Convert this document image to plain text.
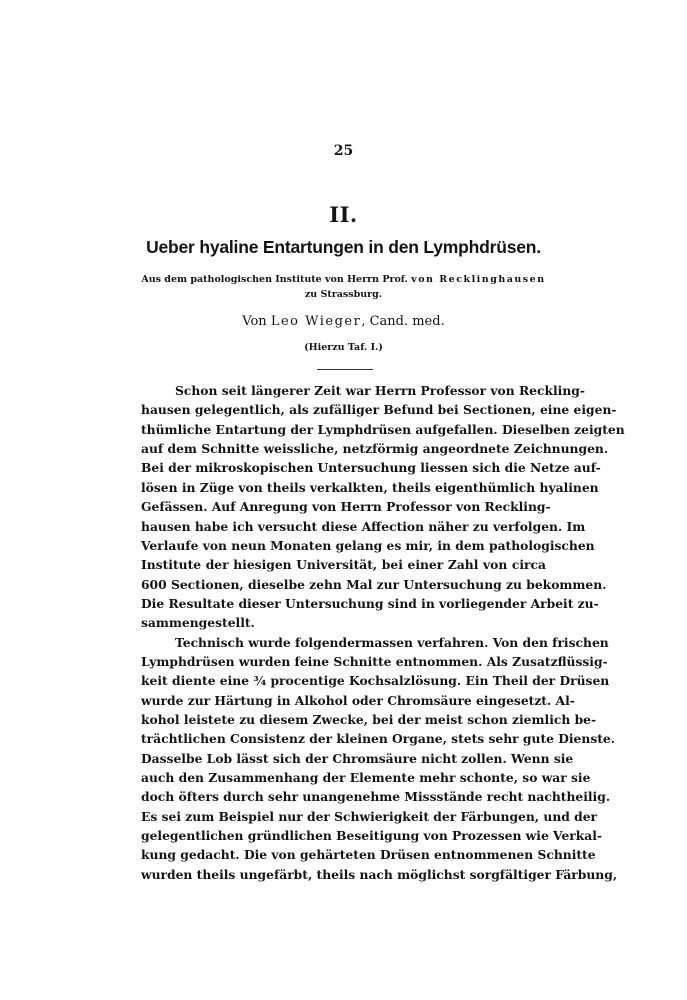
25
II.
Ueber hyaline Entartungen in den Lymphdrüsen.
Aus dem pathologischen Institute von Herrn Prof. von Recklinghausen
zu Strassburg.
Von Leo Wieger, Cand. med.
(Hierzu Taf. I.)
Schon seit längerer Zeit war Herrn Professor von Reckling-
hausen gelegentlich, als zufälliger Befund bei Sectionen, eine eigen-
thümliche Entartung der Lymphdrüsen aufgefallen. Dieselben zeigten
auf dem Schnitte weissliche, netzförmig angeordnete Zeichnungen.
Bei der mikroskopischen Untersuchung liessen sich die Netze auf-
lösen in Züge von theils verkalkten, theils eigenthümlich hyalinen
Gefässen. Auf Anregung von Herrn Professor von Reckling-
hausen habe ich versucht diese Affection näher zu verfolgen. Im
Verlaufe von neun Monaten gelang es mir, in dem pathologischen
Institute der hiesigen Universität, bei einer Zahl von circa
600 Sectionen, dieselbe zehn Mal zur Untersuchung zu bekommen.
Die Resultate dieser Untersuchung sind in vorliegender Arbeit zu-
sammengestellt.
Technisch wurde folgendermassen verfahren. Von den frischen
Lymphdrüsen wurden feine Schnitte entnommen. Als Zusatzflüssig-
keit diente eine ¾ procentige Kochsalzlösung. Ein Theil der Drüsen
wurde zur Härtung in Alkohol oder Chromsäure eingesetzt. Al-
kohol leistete zu diesem Zwecke, bei der meist schon ziemlich be-
trächtlichen Consistenz der kleinen Organe, stets sehr gute Dienste.
Dasselbe Lob lässt sich der Chromsäure nicht zollen. Wenn sie
auch den Zusammenhang der Elemente mehr schonte, so war sie
doch öfters durch sehr unangenehme Missstände recht nachtheilig.
Es sei zum Beispiel nur der Schwierigkeit der Färbungen, und der
gelegentlichen gründlichen Beseitigung von Prozessen wie Verkal-
kung gedacht. Die von gehärteten Drüsen entnommenen Schnitte
wurden theils ungefärbt, theils nach möglichst sorgfältiger Färbung,
